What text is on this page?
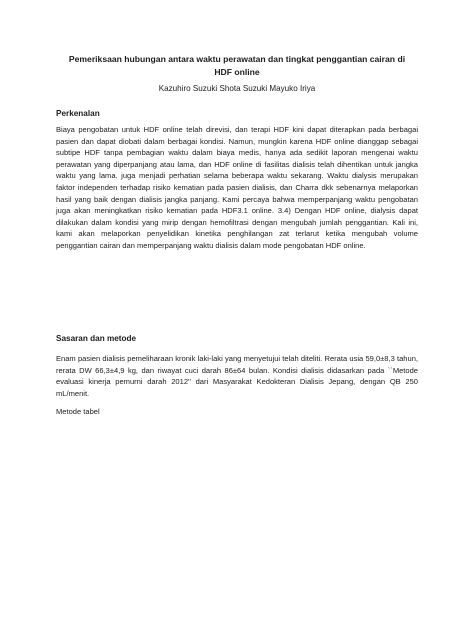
Pemeriksaan hubungan antara waktu perawatan dan tingkat penggantian cairan di HDF online
Kazuhiro Suzuki Shota Suzuki Mayuko Iriya
Perkenalan
Biaya pengobatan untuk HDF online telah direvisi, dan terapi HDF kini dapat diterapkan pada berbagai pasien dan dapat diobati dalam berbagai kondisi. Namun, mungkin karena HDF online dianggap sebagai subtipe HDF tanpa pembagian waktu dalam biaya medis, hanya ada sedikit laporan mengenai waktu perawatan yang diperpanjang atau lama, dan HDF online di fasilitas dialisis telah dihentikan untuk jangka waktu yang lama. juga menjadi perhatian selama beberapa waktu sekarang. Waktu dialysis merupakan faktor independen terhadap risiko kematian pada pasien dialisis, dan Charra dkk sebenarnya melaporkan hasil yang baik dengan dialisis jangka panjang. Kami percaya bahwa memperpanjang waktu pengobatan juga akan meningkatkan risiko kematian pada HDF3.1 online. 3.4) Dengan HDF online, dialysis dapat dilakukan dalam kondisi yang mirip dengan hemofiltrasi dengan mengubah jumlah penggantian. Kali ini, kami akan melaporkan penyelidikan kinetika penghilangan zat terlarut ketika mengubah volume penggantian cairan dan memperpanjang waktu dialisis dalam mode pengobatan HDF online.
Sasaran dan metode
Enam pasien dialisis pemeliharaan kronik laki-laki yang menyetujui telah diteliti. Rerata usia 59,0±8,3 tahun, rerata DW 66,3±4,9 kg, dan riwayat cuci darah 86±64 bulan. Kondisi dialisis didasarkan pada ``Metode evaluasi kinerja pemurni darah 2012'' dari Masyarakat Kedokteran Dialisis Jepang, dengan QB 250 mL/menit.
Metode tabel
